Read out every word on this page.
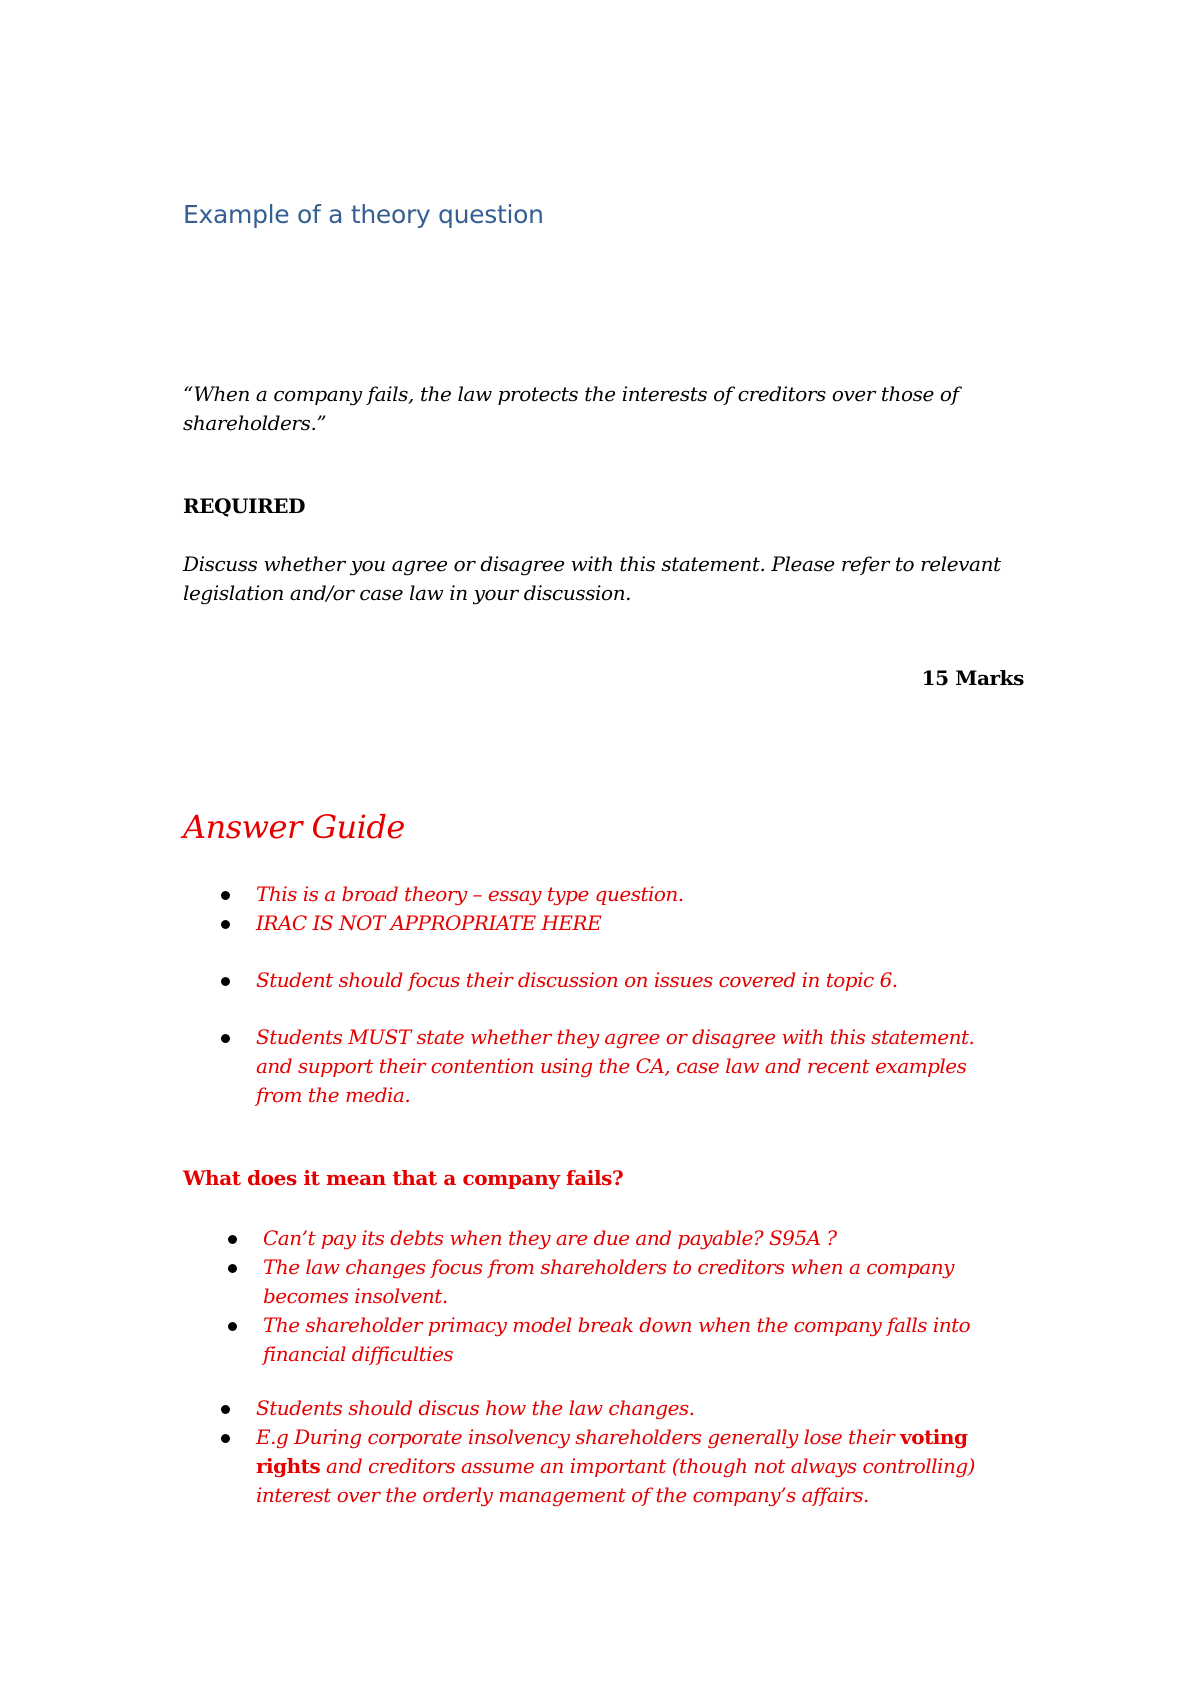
Example of a theory question
“When a company fails, the law protects the interests of creditors over those of
shareholders.”
REQUIRED
Discuss whether you agree or disagree with this statement. Please refer to relevant
legislation and/or case law in your discussion.
15 Marks
Answer Guide
This is a broad theory – essay type question.
IRAC IS NOT APPROPRIATE HERE
Student should focus their discussion on issues covered in topic 6.
Students MUST state whether they agree or disagree with this statement.
and support their contention using the CA, case law and recent examples
from the media.
What does it mean that a company fails?
Can’t pay its debts when they are due and payable? S95A ?
The law changes focus from shareholders to creditors when a company
becomes insolvent.
The shareholder primacy model break down when the company falls into
financial difficulties
Students should discus how the law changes.
E.g During corporate insolvency shareholders generally lose their voting
rights and creditors assume an important (though not always controlling)
interest over the orderly management of the company’s affairs.
